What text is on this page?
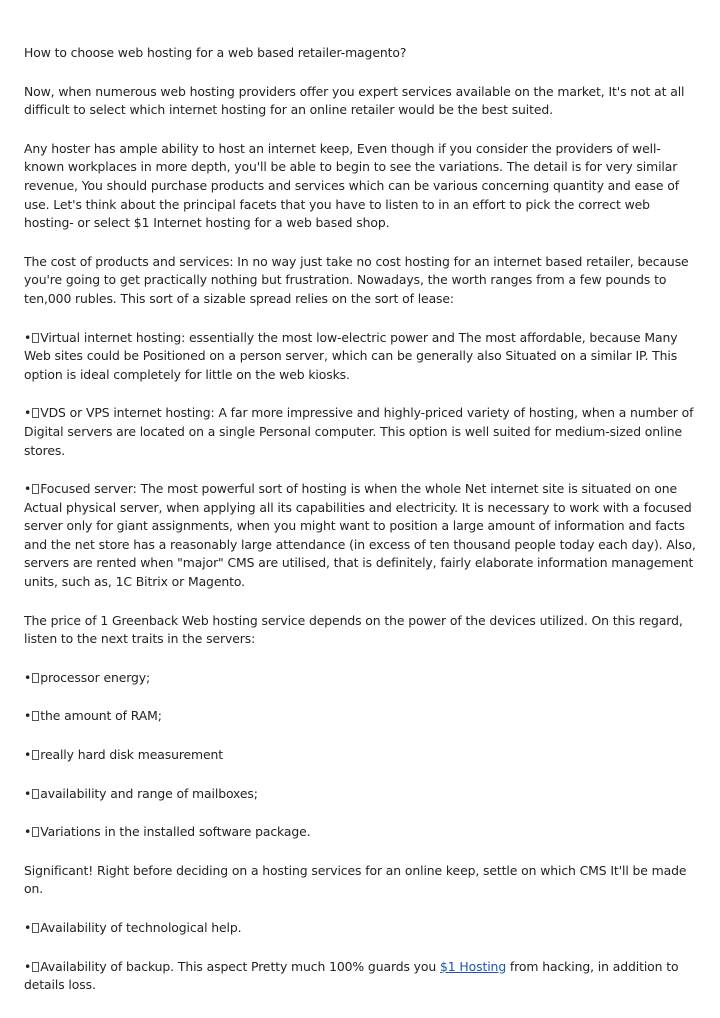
How to choose web hosting for a web based retailer-magento?

Now, when numerous web hosting providers offer you expert services available on the market, It's not at all difficult to select which internet hosting for an online retailer would be the best suited.

Any hoster has ample ability to host an internet keep, Even though if you consider the providers of well-known workplaces in more depth, you'll be able to begin to see the variations. The detail is for very similar revenue, You should purchase products and services which can be various concerning quantity and ease of use. Let's think about the principal facets that you have to listen to in an effort to pick the correct web hosting- or select $1 Internet hosting for a web based shop.

The cost of products and services: In no way just take no cost hosting for an internet based retailer, because you're going to get practically nothing but frustration. Nowadays, the worth ranges from a few pounds to ten,000 rubles. This sort of a sizable spread relies on the sort of lease:

• Virtual internet hosting: essentially the most low-electric power and The most affordable, because Many Web sites could be Positioned on a person server, which can be generally also Situated on a similar IP. This option is ideal completely for little on the web kiosks.

• VDS or VPS internet hosting: A far more impressive and highly-priced variety of hosting, when a number of Digital servers are located on a single Personal computer. This option is well suited for medium-sized online stores.

• Focused server: The most powerful sort of hosting is when the whole Net internet site is situated on one Actual physical server, when applying all its capabilities and electricity. It is necessary to work with a focused server only for giant assignments, when you might want to position a large amount of information and facts and the net store has a reasonably large attendance (in excess of ten thousand people today each day). Also, servers are rented when "major" CMS are utilised, that is definitely, fairly elaborate information management units, such as, 1C Bitrix or Magento.

The price of 1 Greenback Web hosting service depends on the power of the devices utilized. On this regard, listen to the next traits in the servers:

• processor energy;

• the amount of RAM;

• really hard disk measurement

• availability and range of mailboxes;

• Variations in the installed software package.

Significant! Right before deciding on a hosting services for an online keep, settle on which CMS It'll be made on.

• Availability of technological help.

• Availability of backup. This aspect Pretty much 100% guards you $1 Hosting from hacking, in addition to details loss.
